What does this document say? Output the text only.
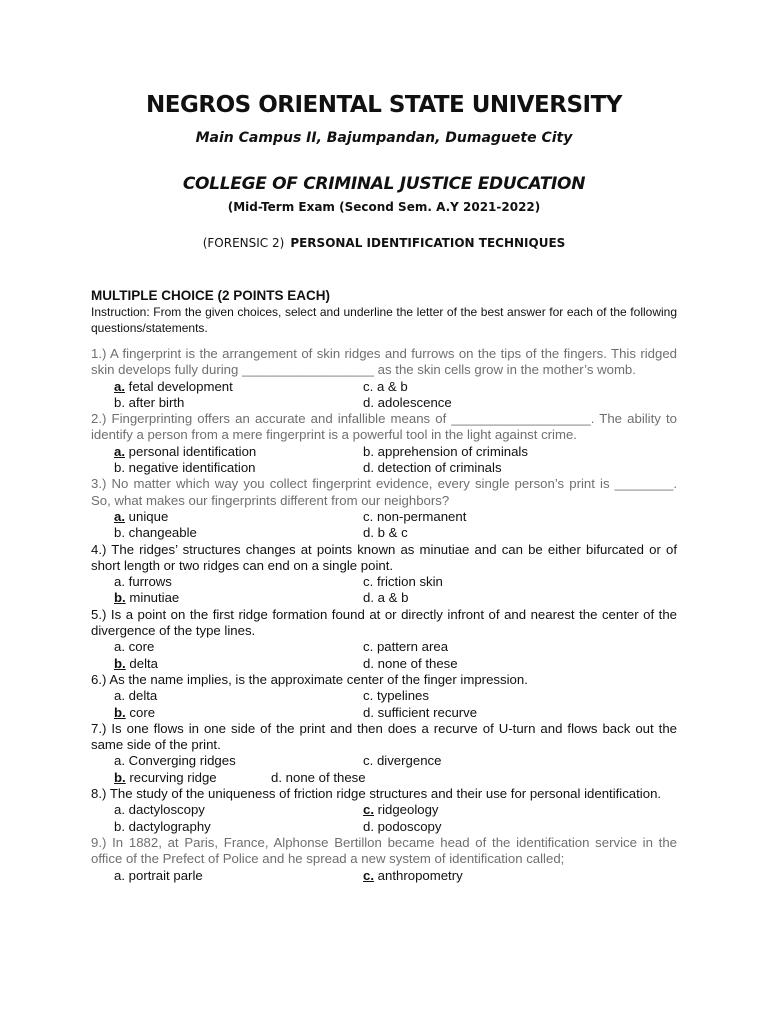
NEGROS ORIENTAL STATE UNIVERSITY
Main Campus II, Bajumpandan, Dumaguete City
COLLEGE OF CRIMINAL JUSTICE EDUCATION
(Mid-Term Exam (Second Sem. A.Y 2021-2022)
(FORENSIC 2) PERSONAL IDENTIFICATION TECHNIQUES
MULTIPLE CHOICE (2 POINTS EACH)
Instruction: From the given choices, select and underline the letter of the best answer for each of the following questions/statements.
1.) A fingerprint is the arrangement of skin ridges and furrows on the tips of the fingers. This ridged skin develops fully during __________________ as the skin cells grow in the mother’s womb.
a. fetal development	c. a & b
b. after birth	d. adolescence
2.) Fingerprinting offers an accurate and infallible means of ___________________. The ability to identify a person from a mere fingerprint is a powerful tool in the light against crime.
a. personal identification	b. apprehension of criminals
b. negative identification	d. detection of criminals
3.) No matter which way you collect fingerprint evidence, every single person’s print is ________. So, what makes our fingerprints different from our neighbors?
a. unique	c. non-permanent
b. changeable	d. b & c
4.) The ridges’ structures changes at points known as minutiae and can be either bifurcated or of short length or two ridges can end on a single point.
a. furrows	c. friction skin
b. minutiae	d. a & b
5.) Is a point on the first ridge formation found at or directly infront of and nearest the center of the divergence of the type lines.
a. core	c. pattern area
b. delta	d. none of these
6.) As the name implies, is the approximate center of the finger impression.
a. delta	c. typelines
b. core	d. sufficient recurve
7.) Is one flows in one side of the print and then does a recurve of U-turn and flows back out the same side of the print.
a. Converging ridges	c. divergence
b. recurving ridge	d. none of these
8.) The study of the uniqueness of friction ridge structures and their use for personal identification.
a. dactyloscopy	c. ridgeology
b. dactylography	d. podoscopy
9.) In 1882, at Paris, France, Alphonse Bertillon became head of the identification service in the office of the Prefect of Police and he spread a new system of identification called;
a. portrait parle	c. anthropometry
